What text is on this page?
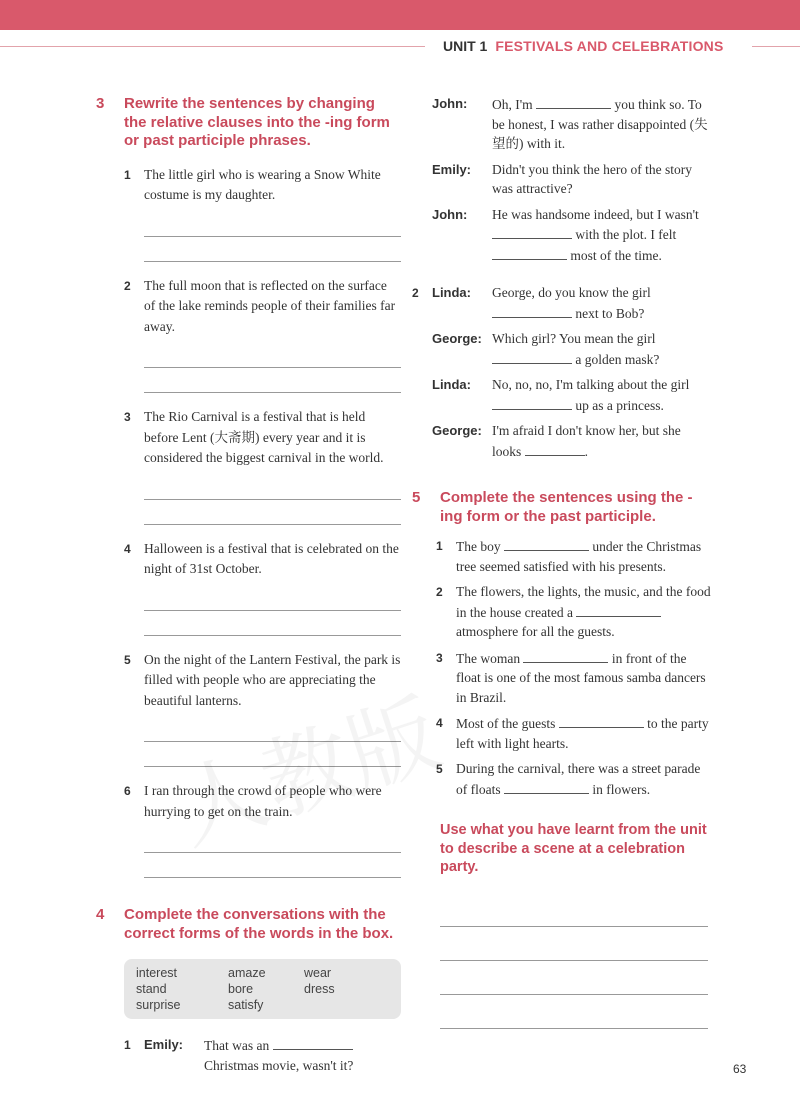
UNIT 1 FESTIVALS AND CELEBRATIONS
3	Rewrite the sentences by changing the relative clauses into the -ing form or past participle phrases.
1 The little girl who is wearing a Snow White costume is my daughter.
2 The full moon that is reflected on the surface of the lake reminds people of their families far away.
3 The Rio Carnival is a festival that is held before Lent (大斋期) every year and it is considered the biggest carnival in the world.
4 Halloween is a festival that is celebrated on the night of 31st October.
5 On the night of the Lantern Festival, the park is filled with people who are appreciating the beautiful lanterns.
6 I ran through the crowd of people who were hurrying to get on the train.
4	Complete the conversations with the correct forms of the words in the box.
interest	amaze	wear
stand	bore	dress
surprise	satisfy
1	Emily:	That was an  Christmas movie, wasn't it?
John:	Oh, I'm	you think so. To be honest, I was rather disappointed (失望的) with it.
Emily:	Didn't you think the hero of the story was attractive?
John:	He was handsome indeed, but I wasn't  with the plot. I felt  most of the time.
2	Linda:	George, do you know the girl  next to Bob?
George: Which girl? You mean the girl  a golden mask?
Linda:	No, no, no, I'm talking about the girl  up as a princess.
George: I'm afraid I don't know her, but she looks	.
5	Complete the sentences using the -ing form or the past participle.
1 The boy	under the Christmas tree seemed satisfied with his presents.
2 The flowers, the lights, the music, and the food in the house created a  atmosphere for all the guests.
3 The woman	in front of the float is one of the most famous samba dancers in Brazil.
4 Most of the guests	to the party left with light hearts.
5 During the carnival, there was a street parade of floats	in flowers.
Use what you have learnt from the unit to describe a scene at a celebration party.
63
